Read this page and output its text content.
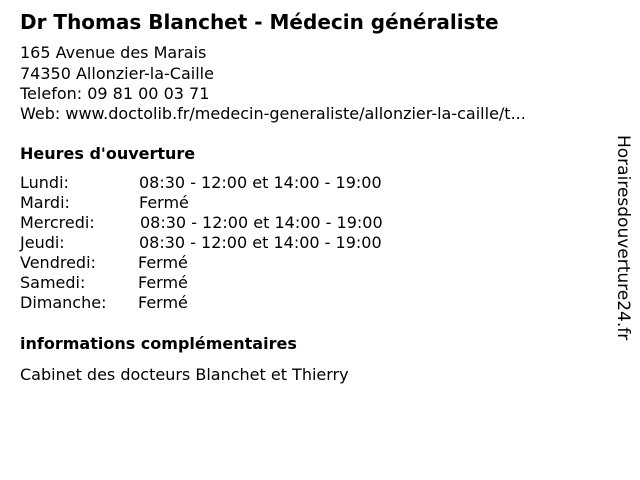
Dr Thomas Blanchet - Médecin généraliste
165 Avenue des Marais
74350 Allonzier-la-Caille
Telefon: 09 81 00 03 71
Web: www.doctolib.fr/medecin-generaliste/allonzier-la-caille/t...
Heures d'ouverture
Lundi:	08:30 - 12:00 et 14:00 - 19:00
Mardi:	Fermé
Mercredi:	08:30 - 12:00 et 14:00 - 19:00
Jeudi:	08:30 - 12:00 et 14:00 - 19:00
Vendredi:	Fermé
Samedi:	Fermé
Dimanche: Fermé
informations complémentaires
Cabinet des docteurs Blanchet et Thierry
Horairesdouverture24.fr
